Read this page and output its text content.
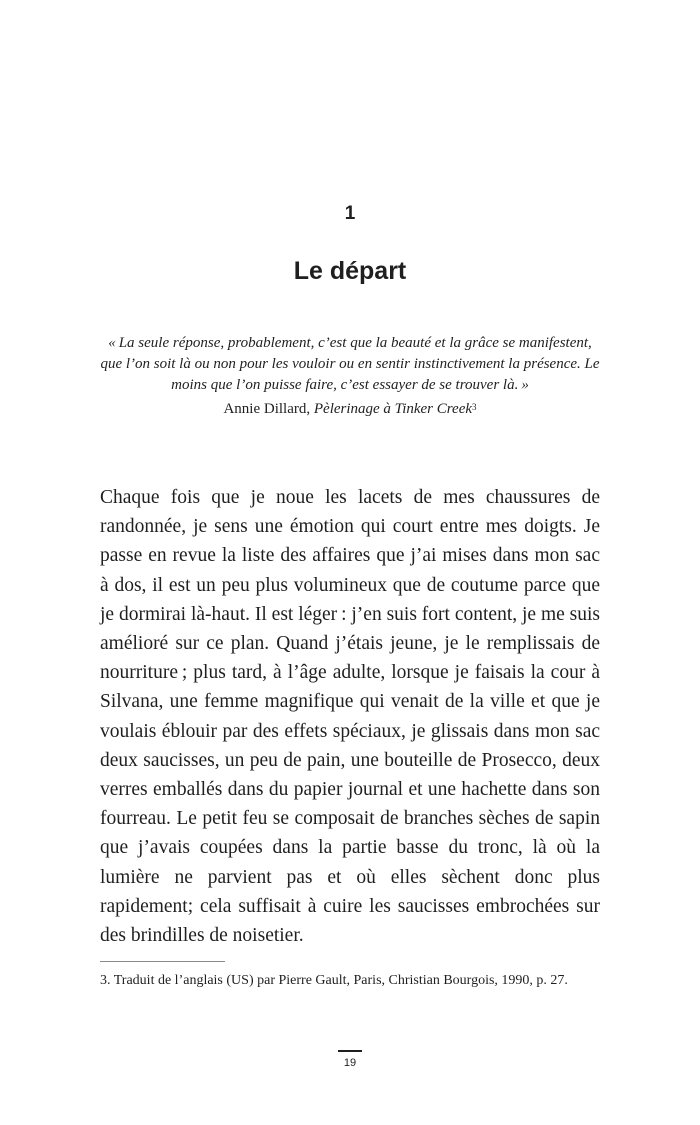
1
Le départ

« La seule réponse, probablement, c’est que la beauté et la grâce se manifestent, que l’on soit là ou non pour les vouloir ou en sentir instinctivement la présence. Le moins que l’on puisse faire, c’est essayer de se trouver là. »

Annie Dillard, Pèlerinage à Tinker Creek$^3$

Chaque fois que je noue les lacets de mes chaussures de randonnée, je sens une émotion qui court entre mes doigts. Je passe en revue la liste des affaires que j’ai mises dans mon sac à dos, il est un peu plus volumineux que de coutume parce que je dormirai là-haut. Il est léger : j’en suis fort content, je me suis amélioré sur ce plan. Quand j’étais jeune, je le remplissais de nourriture ; plus tard, à l’âge adulte, lorsque je faisais la cour à Silvana, une femme magnifique qui venait de la ville et que je voulais éblouir par des effets spéciaux, je glissais dans mon sac deux saucisses, un peu de pain, une bouteille de Prosecco, deux verres emballés dans du papier journal et une hachette dans son fourreau. Le petit feu se composait de branches sèches de sapin que j’avais coupées dans la partie basse du tronc, là où la lumière ne parvient pas et où elles sèchent donc plus rapidement; cela suffisait à cuire les saucisses embrochées sur des brindilles de noisetier.

3. Traduit de l’anglais (US) par Pierre Gault, Paris, Christian Bourgois, 1990, p. 27.

19
